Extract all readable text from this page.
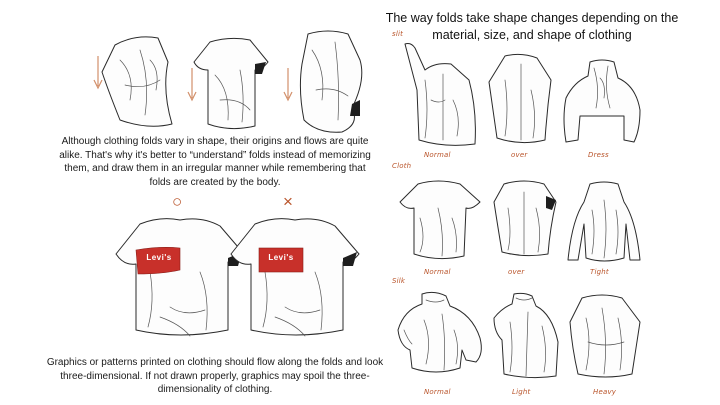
The way folds take shape changes depending on the material, size, and shape of clothing
Although clothing folds vary in shape, their origins and flows are quite alike. That's why it's better to “understand” folds instead of memorizing them, and draw them in an irregular manner while remembering that folds are created by the body.
○	×
Levi's	Levi's
Graphics or patterns printed on clothing should flow along the folds and look three-dimensional. If not drawn properly, graphics may spoil the three-dimensionality of clothing.
slit
Normal	over	Dress
Cloth
Normal	over	Tight
Silk
Normal	Light	Heavy
